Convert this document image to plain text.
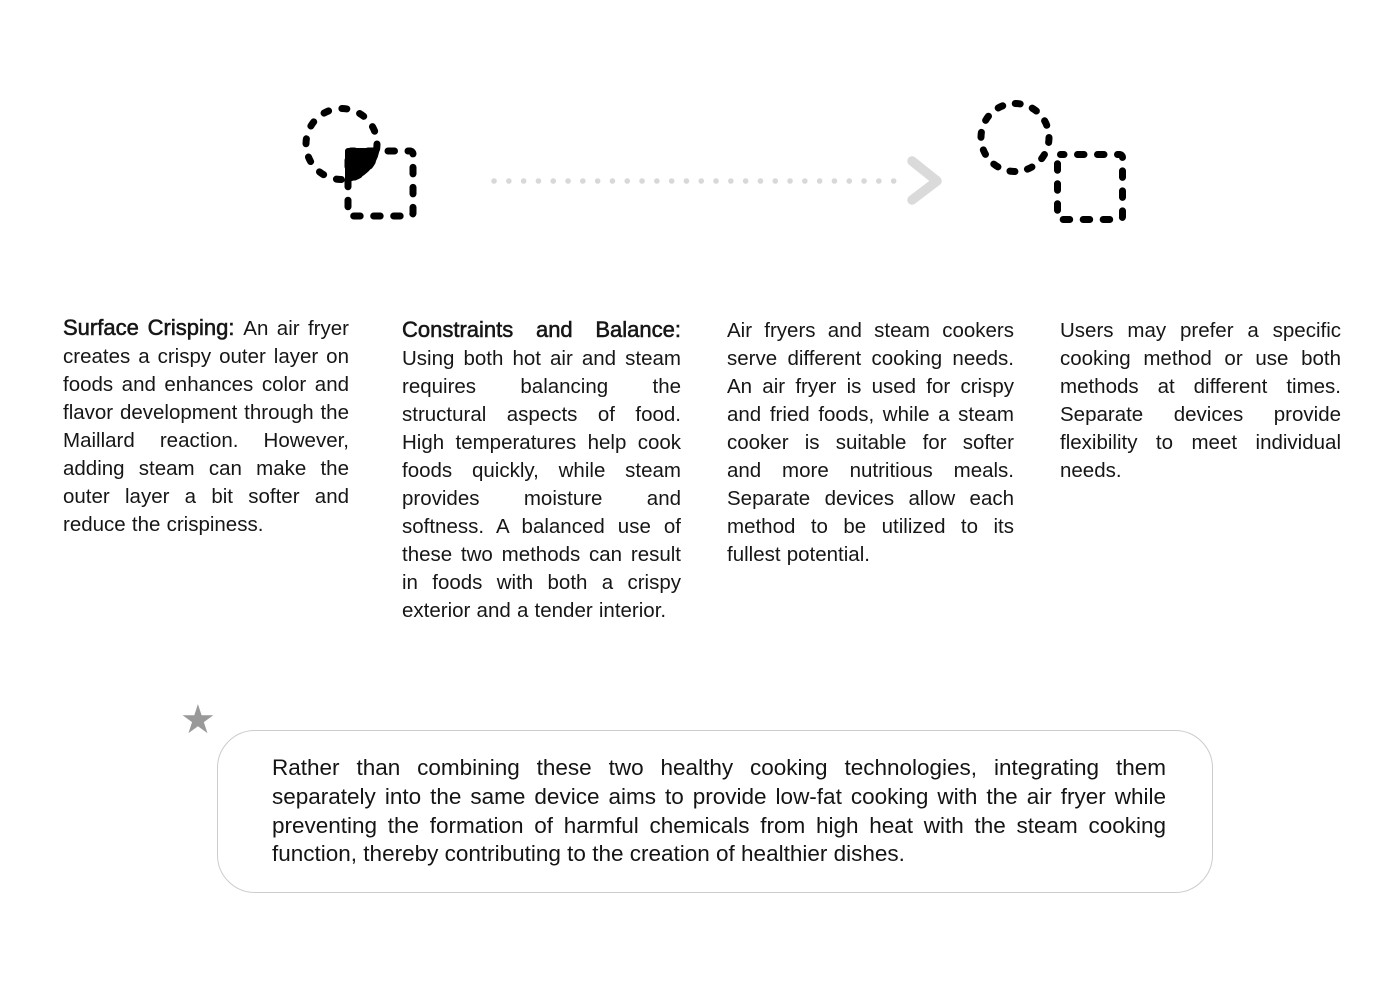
Surface Crisping: An air fryer creates a crispy outer layer on foods and enhances color and flavor development through the Maillard reaction. However, adding steam can make the outer layer a bit softer and reduce the crispiness.

Constraints and Balance: Using both hot air and steam requires balancing the structural aspects of food. High temperatures help cook foods quickly, while steam provides moisture and softness. A balanced use of these two methods can result in foods with both a crispy exterior and a tender interior.

Air fryers and steam cookers serve different cooking needs. An air fryer is used for crispy and fried foods, while a steam cooker is suitable for softer and more nutritious meals. Separate devices allow each method to be utilized to its fullest potential.

Users may prefer a specific cooking method or use both methods at different times. Separate devices provide flexibility to meet individual needs.

★

Rather than combining these two healthy cooking technologies, integrating them separately into the same device aims to provide low-fat cooking with the air fryer while preventing the formation of harmful chemicals from high heat with the steam cooking function, thereby contributing to the creation of healthier dishes.
